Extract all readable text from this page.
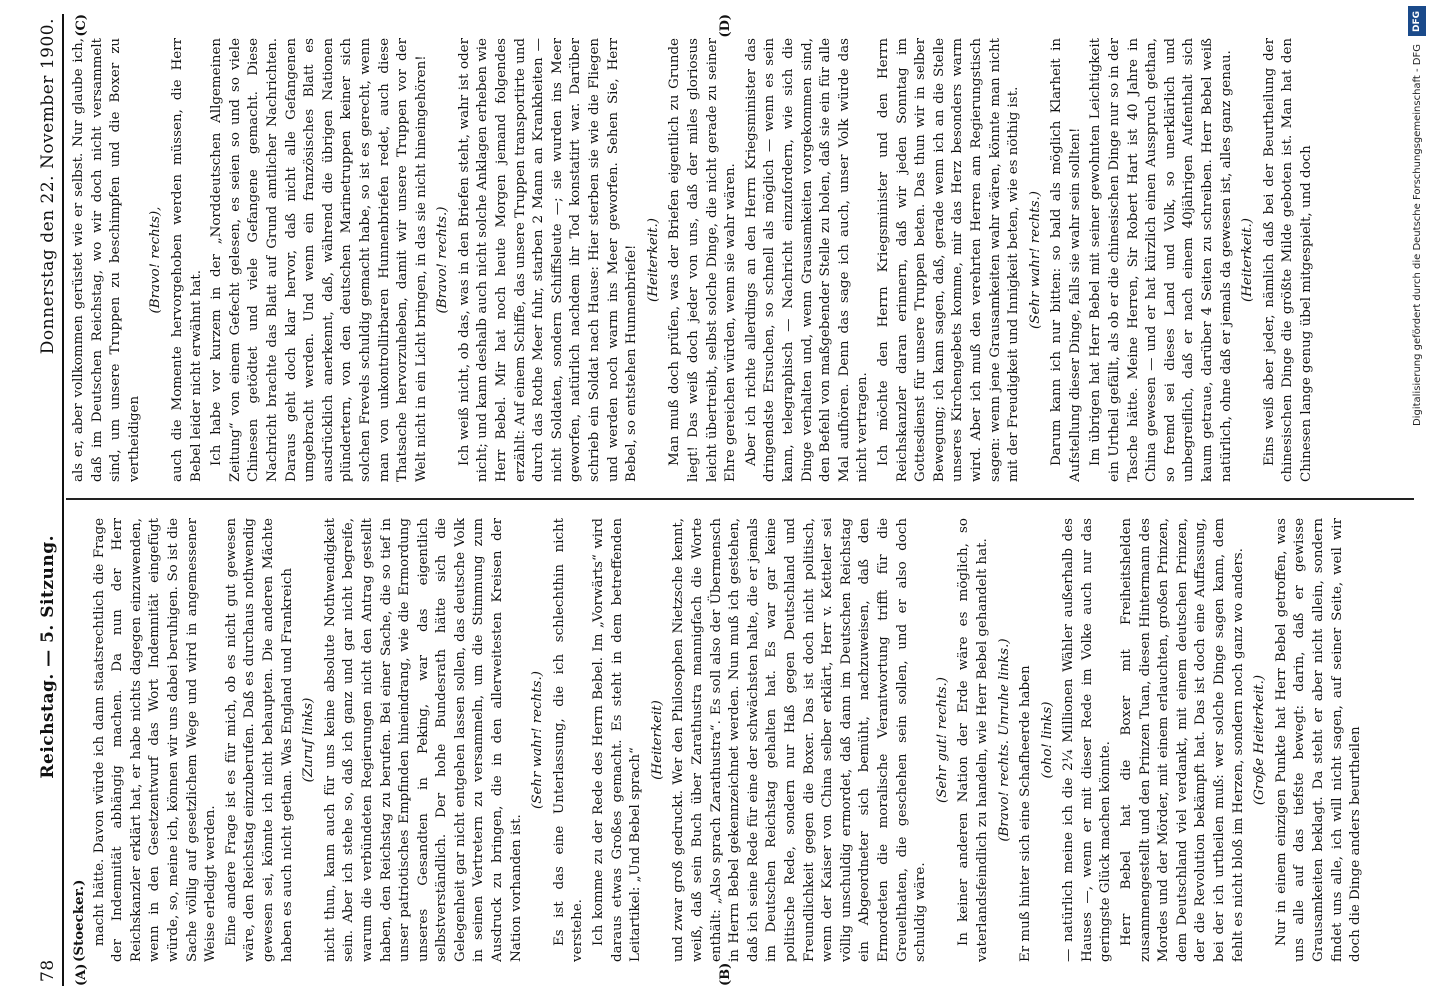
DFG
Digitalisierung gefördert durch die Deutsche Forschungsgemeinschaft - DFG
78
Reichstag. — 5. Sitzung.
Donnerstag den 22. November 1900.
(A)	(B)
(C)	(D)

(Stoecker.) macht hätte. Davon würde ich dann staatsrechtlich die Frage der Indemnität abhängig machen. Da nun der Herr Reichskanzler erklärt hat, er habe nichts dagegen einzuwenden, wenn in den Gesetzentwurf das Wort Indemnität eingefügt würde, so, meine ich, können wir uns dabei beruhigen. So ist die Sache völlig auf gesetzlichem Wege und wird in angemessener Weise erledigt werden. Eine andere Frage ist es für mich, ob es nicht gut gewesen wäre, den Reichstag einzuberufen. Daß es durchaus nothwendig gewesen sei, könnte ich nicht behaupten. Die anderen Mächte haben es auch nicht gethan. Was England und Frankreich (Zuruf links) nicht thun, kann auch für uns keine absolute Nothwendigkeit sein. Aber ich stehe so, daß ich ganz und gar nicht begreife, warum die verbündeten Regierungen nicht den Antrag gestellt haben, den Reichstag zu berufen. Bei einer Sache, die so tief in unser patriotisches Empfinden hineindrang, wie die Ermordung unseres Gesandten in Peking, war das eigentlich selbstverständlich. Der hohe Bundesrath hätte sich die Gelegenheit gar nicht entgehen lassen sollen, das deutsche Volk in seinen Vertretern zu versammeln, um die Stimmung zum Ausdruck zu bringen, die in den allerweitesten Kreisen der Nation vorhanden ist.

(Sehr wahr! rechts.) Es ist das eine Unterlassung, die ich schlechthin nicht verstehe. Ich komme zu der Rede des Herrn Bebel. Im „Vorwärts“ wird daraus etwas Großes gemacht. Es steht in dem betreffenden Leitartikel: „Und Bebel sprach“

(Heiterkeit) und zwar groß gedruckt. Wer den Philosophen Nietzsche kennt, weiß, daß sein Buch über Zarathustra mannigfach die Worte enthält: „Also sprach Zarathustra“. Es soll also der Übermensch in Herrn Bebel gekennzeichnet werden. Nun muß ich gestehen, daß ich seine Rede für eine der schwächsten halte, die er jemals im Deutschen Reichstag gehalten hat. Es war gar keine politische Rede, sondern nur Haß gegen Deutschland und Freundlichkeit gegen die Boxer. Das ist doch nicht politisch, wenn der Kaiser von China selber erklärt, Herr v. Ketteler sei völlig unschuldig ermordet, daß dann im Deutschen Reichstag ein Abgeordneter sich bemüht, nachzuweisen, daß den Ermordeten die moralische Verantwortung trifft für die Greuelthaten, die geschehen sein sollen, und er also doch schuldig wäre.

(Sehr gut! rechts.) In keiner anderen Nation der Erde wäre es möglich, so vaterlandsfeindlich zu handeln, wie Herr Bebel gehandelt hat. (Bravo! rechts. Unruhe links.) Er muß hinter sich eine Schafheerde haben (oho! links) — natürlich meine ich die 2¼ Millionen Wähler außerhalb des Hauses —, wenn er mit dieser Rede im Volke auch nur das geringste Glück machen könnte. Herr Bebel hat die Boxer mit Freiheitshelden zusammengestellt und den Prinzen Tuan, diesen Hintermann des Mordes und der Mörder, mit einem erlauchten, großen Prinzen, dem Deutschland viel verdankt, mit einem deutschen Prinzen, der die Revolution bekämpft hat. Das ist doch eine Auffassung, bei der ich urtheilen muß: wer solche Dinge sagen kann, dem fehlt es nicht bloß im Herzen, sondern noch ganz wo anders. (Große Heiterkeit.) Nur in einem einzigen Punkte hat Herr Bebel getroffen, was uns alle auf das tiefste bewegt: darin, daß er gewisse Grausamkeiten beklagt. Da steht er aber nicht allein, sondern findet uns alle, ich will nicht sagen, auf seiner Seite, weil wir doch die Dinge anders beurtheilen

als er, aber vollkommen gerüstet wie er selbst. Nur glaube ich, daß im Deutschen Reichstag, wo wir doch nicht versammelt sind, um unsere Truppen zu beschimpfen und die Boxer zu vertheidigen

(Bravo! rechts), auch die Momente hervorgehoben werden müssen, die Herr Bebel leider nicht erwähnt hat. Ich habe vor kurzem in der „Norddeutschen Allgemeinen Zeitung“ von einem Gefecht gelesen, es seien so und so viele Chinesen getödtet und viele Gefangene gemacht. Diese Nachricht brachte das Blatt auf Grund amtlicher Nachrichten. Daraus geht doch klar hervor, daß nicht alle Gefangenen umgebracht werden. Und wenn ein französisches Blatt es ausdrücklich anerkennt, daß, während die übrigen Nationen plündertern, von den deutschen Marinetruppen keiner sich solchen Frevels schuldig gemacht habe, so ist es gerecht, wenn man von unkontrollirbaren Hunnenbriefen redet, auch diese Thatsache hervorzuheben, damit wir unsere Truppen vor der Welt nicht in ein Licht bringen, in das sie nicht hineingehören! (Bravo! rechts.) Ich weiß nicht, ob das, was in den Briefen steht, wahr ist oder nicht; und kann deshalb auch nicht solche Anklagen erheben wie Herr Bebel. Mir hat noch heute Morgen jemand folgendes erzählt: Auf einem Schiffe, das unsere Truppen transportirte und durch das Rothe Meer fuhr, starben 2 Mann an Krankheiten — nicht Soldaten, sondern Schiffsleute —; sie wurden ins Meer geworfen, natürlich nachdem ihr Tod konstatirt war. Darüber schrieb ein Soldat nach Hause: Hier sterben sie wie die Fliegen und werden noch warm ins Meer geworfen. Sehen Sie, Herr Bebel, so entstehen Hunnenbriefe! (Heiterkeit.) Man muß doch prüfen, was der Briefen eigentlich zu Grunde liegt! Das weiß doch jeder von uns, daß der miles gloriosus leicht übertreibt, selbst solche Dinge, die nicht gerade zu seiner Ehre gereichen würden, wenn sie wahr wären. Aber ich richte allerdings an den Herrn Kriegsminister das dringendste Ersuchen, so schnell als möglich — wenn es sein kann, telegraphisch — Nachricht einzufordern, wie sich die Dinge verhalten und, wenn Grausamkeiten vorgekommen sind, den Befehl von maßgebender Stelle zu holen, daß sie ein für alle Mal aufhören. Denn das sage ich auch, unser Volk würde das nicht vertragen. Ich möchte den Herrn Kriegsminister und den Herrn Reichskanzler daran erinnern, daß wir jeden Sonntag im Gottesdienst für unsere Truppen beten. Das thun wir in selber Bewegung; ich kann sagen, daß, gerade wenn ich an die Stelle unseres Kirchengebets komme, mir das Herz besonders warm wird. Aber ich muß den verehrten Herren am Regierungstisch sagen: wenn jene Grausamkeiten wahr wären, könnte man nicht mit der Freudigkeit und Innigkeit beten, wie es nöthig ist. (Sehr wahr! rechts.) Darum kann ich nur bitten: so bald als möglich Klarheit in Aufstellung dieser Dinge, falls sie wahr sein sollten! Im übrigen hat Herr Bebel mit seiner gewohnten Leichtigkeit ein Urtheil gefällt, als ob er die chinesischen Dinge nur so in der Tasche hätte. Meine Herren, Sir Robert Hart ist 40 Jahre in China gewesen — und er hat kürzlich einen Ausspruch gethan, so fremd sei dieses Land und Volk, so unerklärlich und unbegreiflich, daß er nach einem 40jährigen Aufenthalt sich kaum getraue, darüber 4 Seiten zu schreiben. Herr Bebel weiß natürlich, ohne daß er jemals da gewesen ist, alles ganz genau. (Heiterkeit.) Eins weiß aber jeder, nämlich daß bei der Beurtheilung der chinesischen Dinge die größte Milde geboten ist. Man hat den Chinesen lange genug übel mitgespielt, und doch
